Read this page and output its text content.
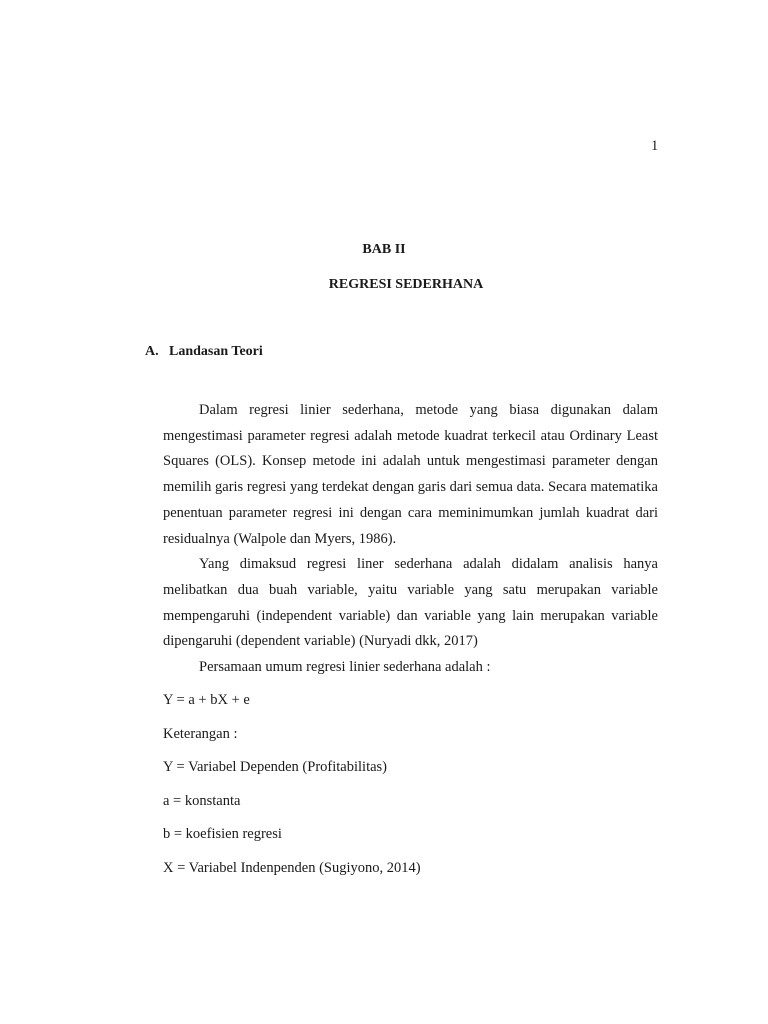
1
BAB II
REGRESI SEDERHANA
A. Landasan Teori

Dalam regresi linier sederhana, metode yang biasa digunakan dalam mengestimasi parameter regresi adalah metode kuadrat terkecil atau Ordinary Least Squares (OLS). Konsep metode ini adalah untuk mengestimasi parameter dengan memilih garis regresi yang terdekat dengan garis dari semua data. Secara matematika penentuan parameter regresi ini dengan cara meminimumkan jumlah kuadrat dari residualnya (Walpole dan Myers, 1986).

Yang dimaksud regresi liner sederhana adalah didalam analisis hanya melibatkan dua buah variable, yaitu variable yang satu merupakan variable mempengaruhi (independent variable) dan variable yang lain merupakan variable dipengaruhi (dependent variable) (Nuryadi dkk, 2017)

Persamaan umum regresi linier sederhana adalah :

Y = a + bX + e
Keterangan :
Y = Variabel Dependen (Profitabilitas)
a = konstanta
b = koefisien regresi
X = Variabel Indenpenden (Sugiyono, 2014)
